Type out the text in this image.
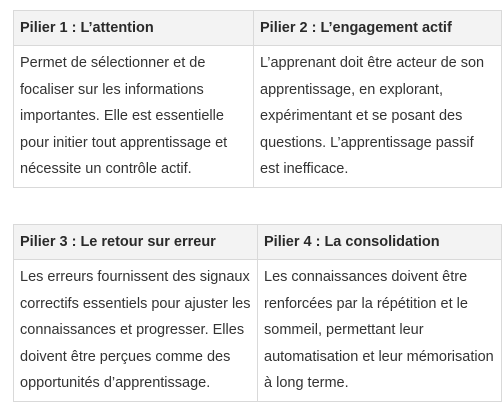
Pilier 1 : L’attention	Pilier 2 : L’engagement actif
Permet de sélectionner et de focaliser sur les informations importantes. Elle est essentielle pour initier tout apprentissage et nécessite un contrôle actif.	L’apprenant doit être acteur de son apprentissage, en explorant, expérimentant et se posant des questions. L’apprentissage passif est inefficace.
Pilier 3 : Le retour sur erreur	Pilier 4 : La consolidation
Les erreurs fournissent des signaux correctifs essentiels pour ajuster les connaissances et progresser. Elles doivent être perçues comme des opportunités d’apprentissage.	Les connaissances doivent être renforcées par la répétition et le sommeil, permettant leur automatisation et leur mémorisation à long terme.
